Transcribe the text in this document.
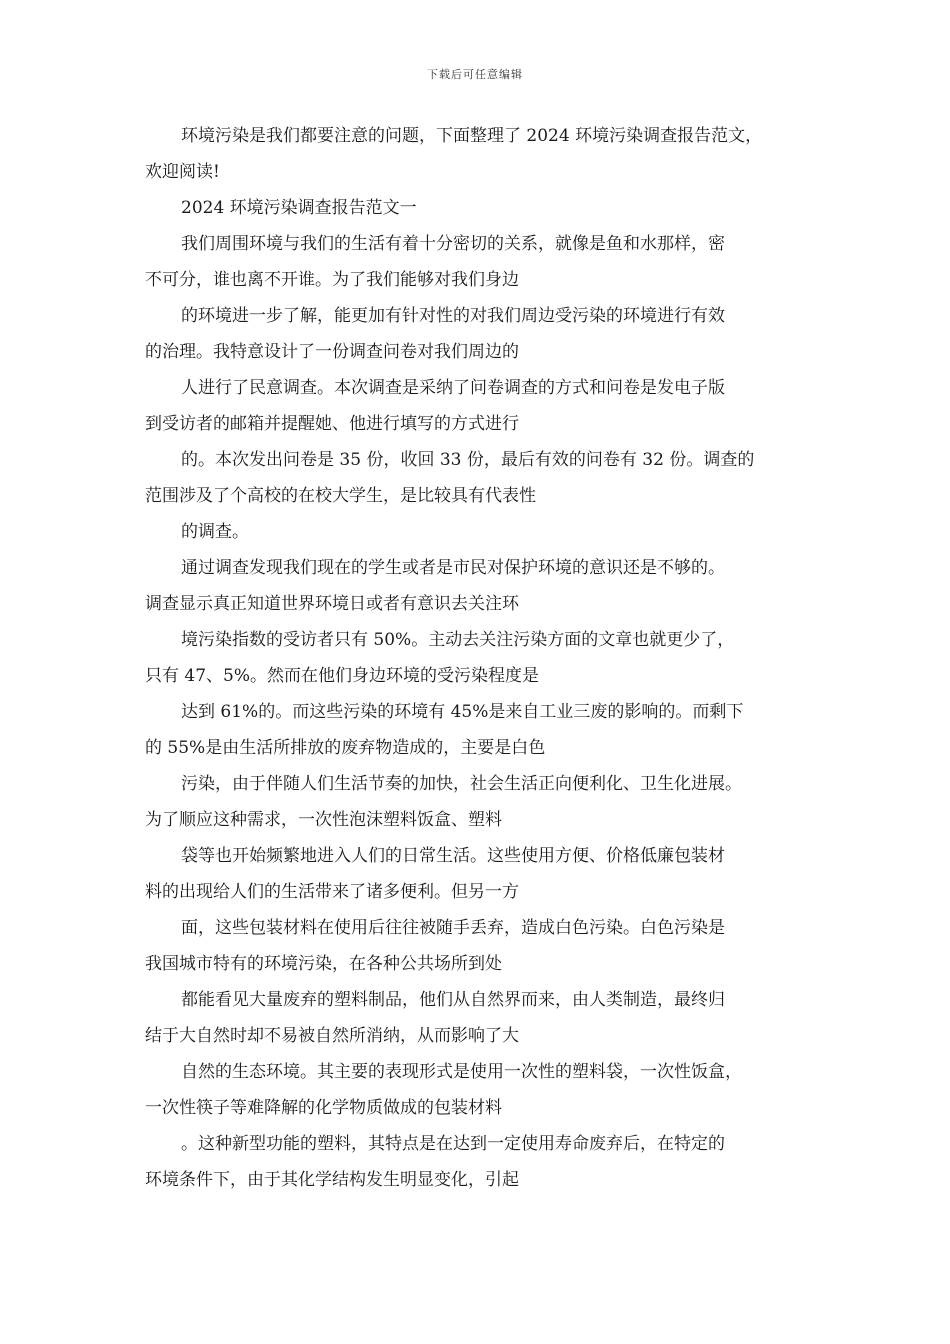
下载后可任意编辑
环境污染是我们都要注意的问题，下面整理了 2024 环境污染调查报告范文，
欢迎阅读!
2024 环境污染调查报告范文一
我们周围环境与我们的生活有着十分密切的关系，就像是鱼和水那样，密
不可分，谁也离不开谁。为了我们能够对我们身边
的环境进一步了解，能更加有针对性的对我们周边受污染的环境进行有效
的治理。我特意设计了一份调查问卷对我们周边的
人进行了民意调查。本次调查是采纳了问卷调查的方式和问卷是发电子版
到受访者的邮箱并提醒她、他进行填写的方式进行
的。本次发出问卷是 35 份，收回 33 份，最后有效的问卷有 32 份。调查的
范围涉及了个高校的在校大学生，是比较具有代表性
的调查。
通过调查发现我们现在的学生或者是市民对保护环境的意识还是不够的。
调查显示真正知道世界环境日或者有意识去关注环
境污染指数的受访者只有 50%。主动去关注污染方面的文章也就更少了，
只有 47、5%。然而在他们身边环境的受污染程度是
达到 61%的。而这些污染的环境有 45%是来自工业三废的影响的。而剩下
的 55%是由生活所排放的废弃物造成的，主要是白色
污染，由于伴随人们生活节奏的加快，社会生活正向便利化、卫生化进展。
为了顺应这种需求，一次性泡沫塑料饭盒、塑料
袋等也开始频繁地进入人们的日常生活。这些使用方便、价格低廉包装材
料的出现给人们的生活带来了诸多便利。但另一方
面，这些包装材料在使用后往往被随手丢弃，造成白色污染。白色污染是
我国城市特有的环境污染，在各种公共场所到处
都能看见大量废弃的塑料制品，他们从自然界而来，由人类制造，最终归
结于大自然时却不易被自然所消纳，从而影响了大
自然的生态环境。其主要的表现形式是使用一次性的塑料袋，一次性饭盒，
一次性筷子等难降解的化学物质做成的包装材料
。这种新型功能的塑料，其特点是在达到一定使用寿命废弃后，在特定的
环境条件下，由于其化学结构发生明显变化，引起
